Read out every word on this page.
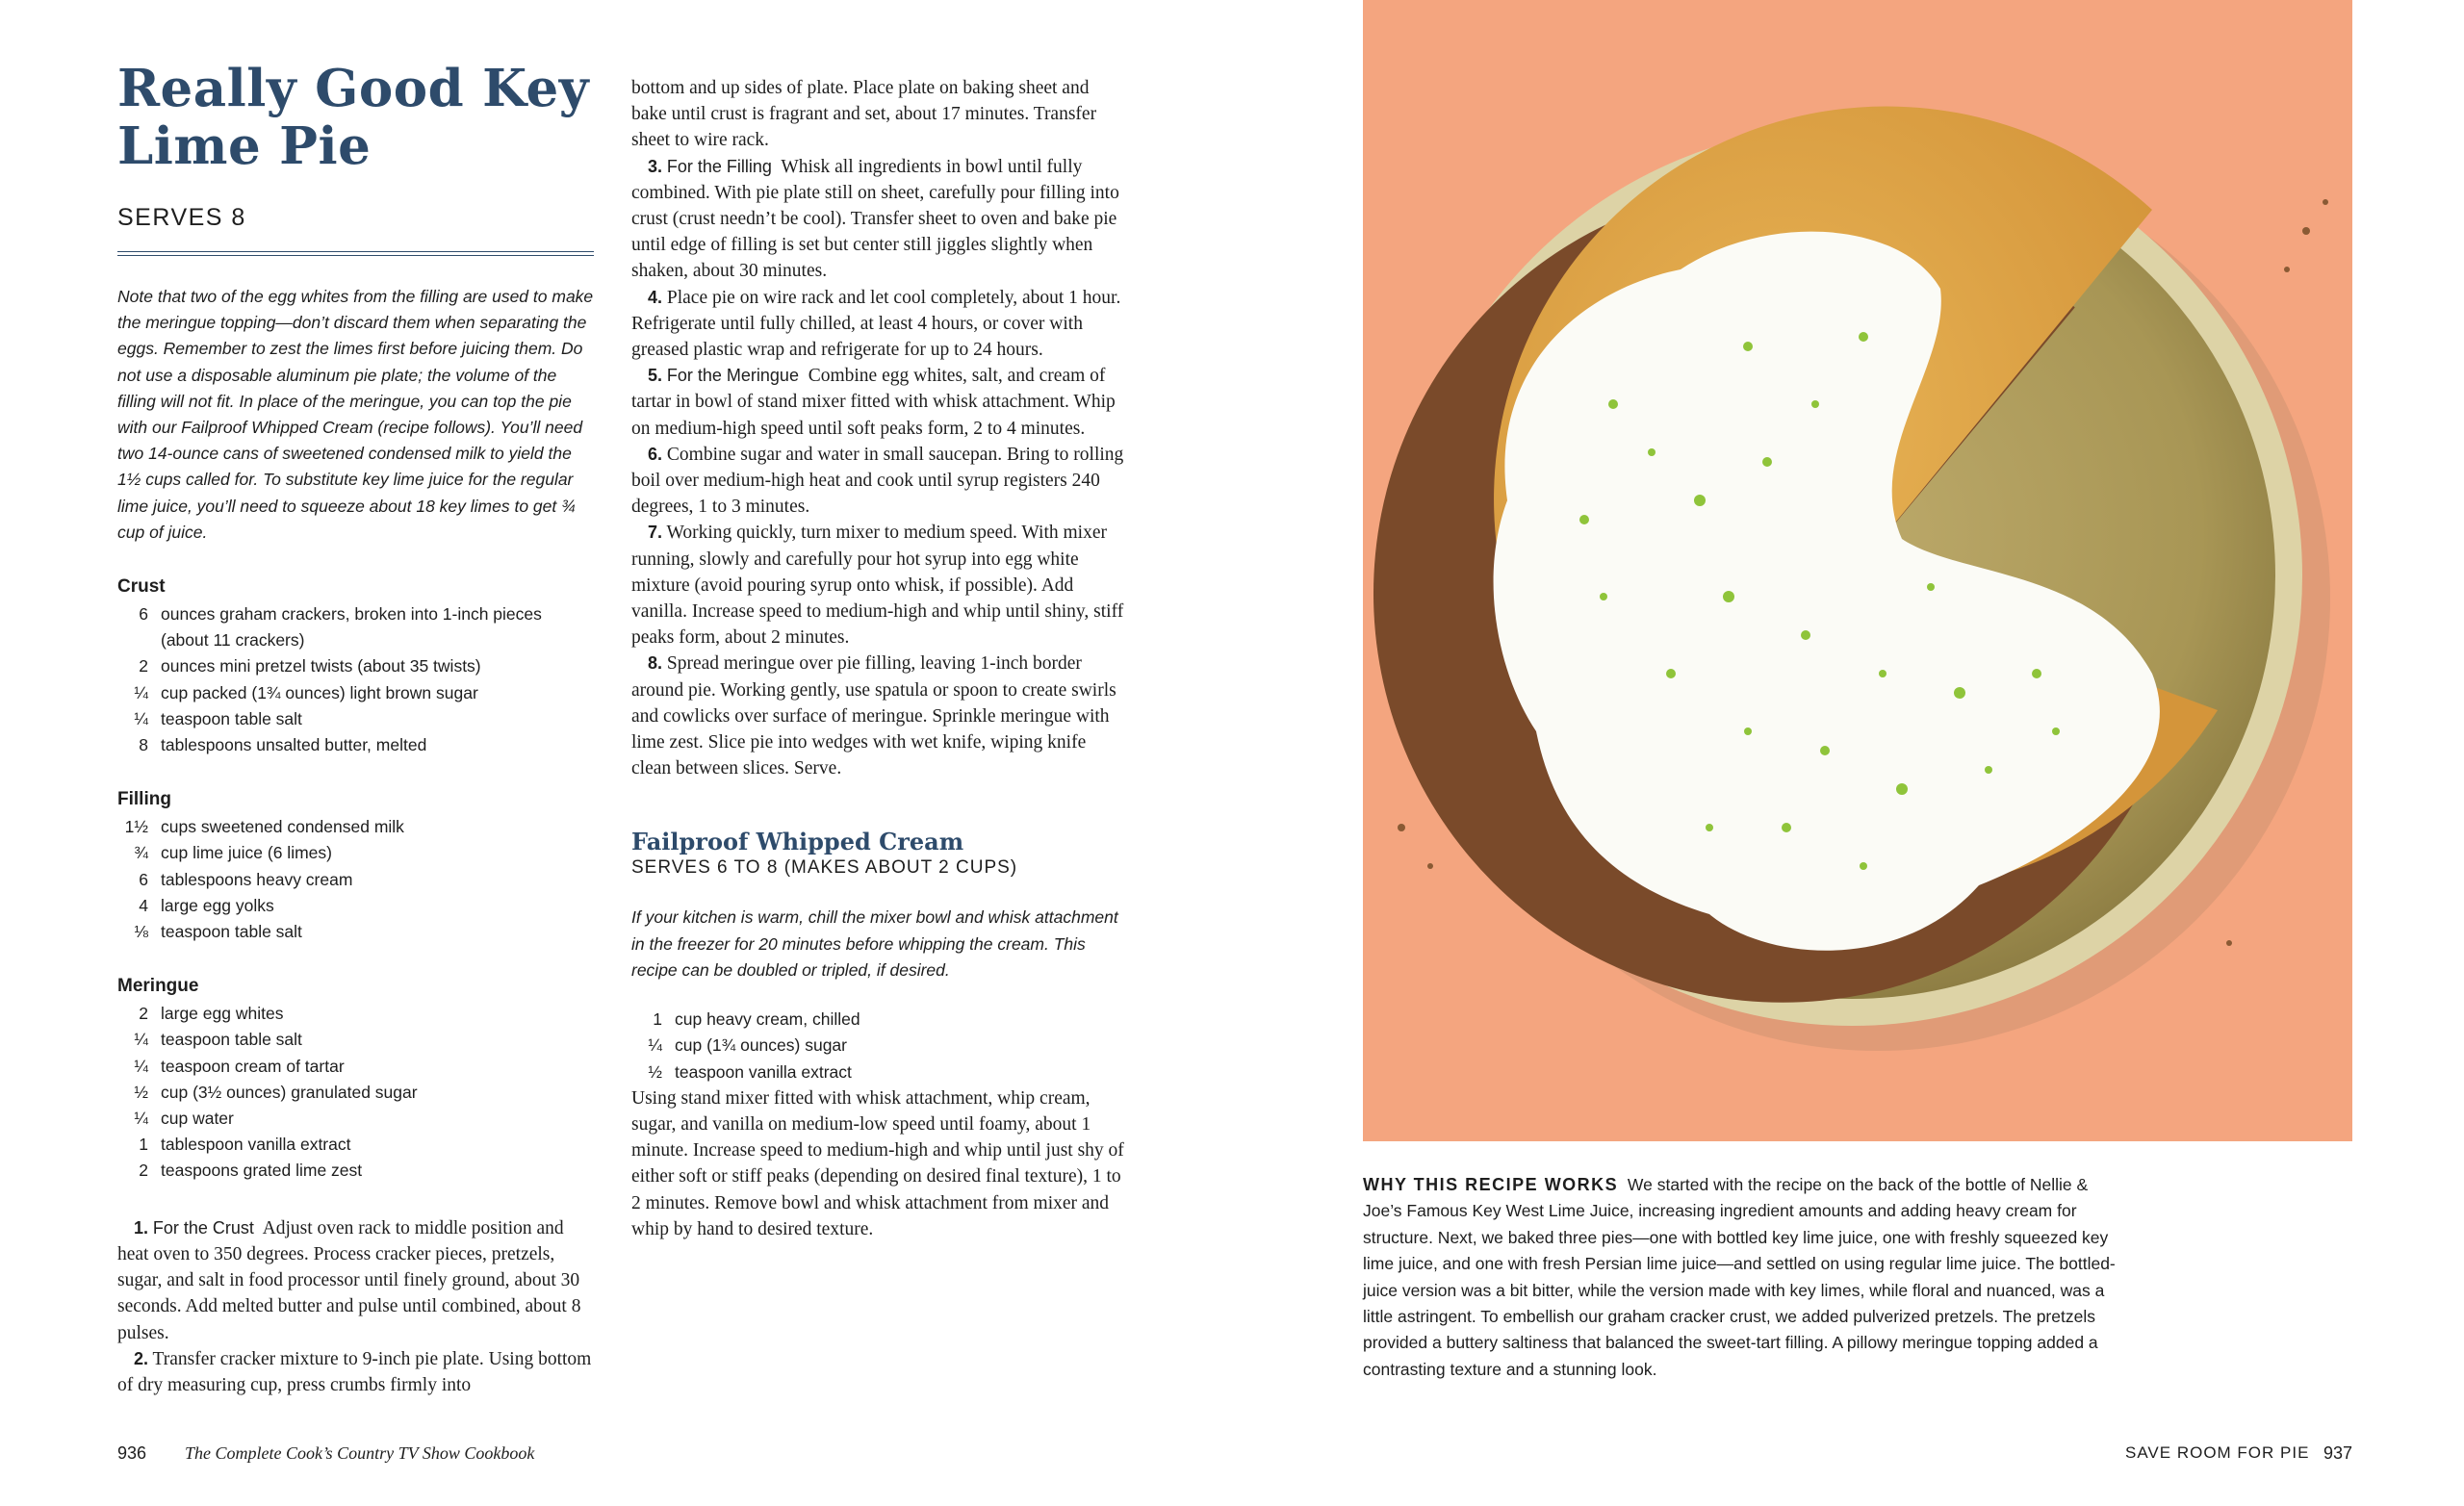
Really Good Key
Lime Pie
SERVES 8

Note that two of the egg whites from the filling are used to make the meringue topping—don’t discard them when separating the eggs. Remember to zest the limes first before juicing them. Do not use a disposable aluminum pie plate; the volume of the filling will not fit. In place of the meringue, you can top the pie with our Failproof Whipped Cream (recipe follows). You’ll need two 14-ounce cans of sweetened condensed milk to yield the 1½ cups called for. To substitute key lime juice for the regular lime juice, you’ll need to squeeze about 18 key limes to get ¾ cup of juice.

Crust
6 ounces graham crackers, broken into 1-inch pieces
(about 11 crackers)
2 ounces mini pretzel twists (about 35 twists)
¼ cup packed (1¾ ounces) light brown sugar
¼ teaspoon table salt
8 tablespoons unsalted butter, melted
Filling
1½ cups sweetened condensed milk
¾ cup lime juice (6 limes)
6 tablespoons heavy cream
4 large egg yolks
⅛ teaspoon table salt
Meringue
2 large egg whites
¼ teaspoon table salt
¼ teaspoon cream of tartar
½ cup (3½ ounces) granulated sugar
¼ cup water
1 tablespoon vanilla extract
2 teaspoons grated lime zest

1. For the Crust Adjust oven rack to middle position and heat oven to 350 degrees. Process cracker pieces, pretzels, sugar, and salt in food processor until finely ground, about 30 seconds. Add melted butter and pulse until combined, about 8 pulses.

2. Transfer cracker mixture to 9-inch pie plate. Using bottom of dry measuring cup, press crumbs firmly into

bottom and up sides of plate. Place plate on baking sheet and bake until crust is fragrant and set, about 17 minutes. Transfer sheet to wire rack.

3. For the Filling Whisk all ingredients in bowl until fully combined. With pie plate still on sheet, carefully pour filling into crust (crust needn’t be cool). Transfer sheet to oven and bake pie until edge of filling is set but center still jiggles slightly when shaken, about 30 minutes.

4. Place pie on wire rack and let cool completely, about 1 hour. Refrigerate until fully chilled, at least 4 hours, or cover with greased plastic wrap and refrigerate for up to 24 hours.

5. For the Meringue Combine egg whites, salt, and cream of tartar in bowl of stand mixer fitted with whisk attachment. Whip on medium-high speed until soft peaks form, 2 to 4 minutes.

6. Combine sugar and water in small saucepan. Bring to rolling boil over medium-high heat and cook until syrup registers 240 degrees, 1 to 3 minutes.

7. Working quickly, turn mixer to medium speed. With mixer running, slowly and carefully pour hot syrup into egg white mixture (avoid pouring syrup onto whisk, if possible). Add vanilla. Increase speed to medium-high and whip until shiny, stiff peaks form, about 2 minutes.

8. Spread meringue over pie filling, leaving 1-inch border around pie. Working gently, use spatula or spoon to create swirls and cowlicks over surface of meringue. Sprinkle meringue with lime zest. Slice pie into wedges with wet knife, wiping knife clean between slices. Serve.

Failproof Whipped Cream
SERVES 6 TO 8 (MAKES ABOUT 2 CUPS)

If your kitchen is warm, chill the mixer bowl and whisk attachment in the freezer for 20 minutes before whipping the cream. This recipe can be doubled or tripled, if desired.

1 cup heavy cream, chilled
¼ cup (1¾ ounces) sugar
½ teaspoon vanilla extract

Using stand mixer fitted with whisk attachment, whip cream, sugar, and vanilla on medium-low speed until foamy, about 1 minute. Increase speed to medium-high and whip until just shy of either soft or stiff peaks (depending on desired final texture), 1 to 2 minutes. Remove bowl and whisk attachment from mixer and whip by hand to desired texture.

WHY THIS RECIPE WORKS We started with the recipe on the back of the bottle of Nellie & Joe’s Famous Key West Lime Juice, increasing ingredient amounts and adding heavy cream for structure. Next, we baked three pies—one with bottled key lime juice, one with freshly squeezed key lime juice, and one with fresh Persian lime juice—and settled on using regular lime juice. The bottled-juice version was a bit bitter, while the version made with key limes, while floral and nuanced, was a little astringent. To embellish our graham cracker crust, we added pulverized pretzels. The pretzels provided a buttery saltiness that balanced the sweet-tart filling. A pillowy meringue topping added a contrasting texture and a stunning look.

936 The Complete Cook’s Country TV Show Cookbook	SAVE ROOM FOR PIE 937
